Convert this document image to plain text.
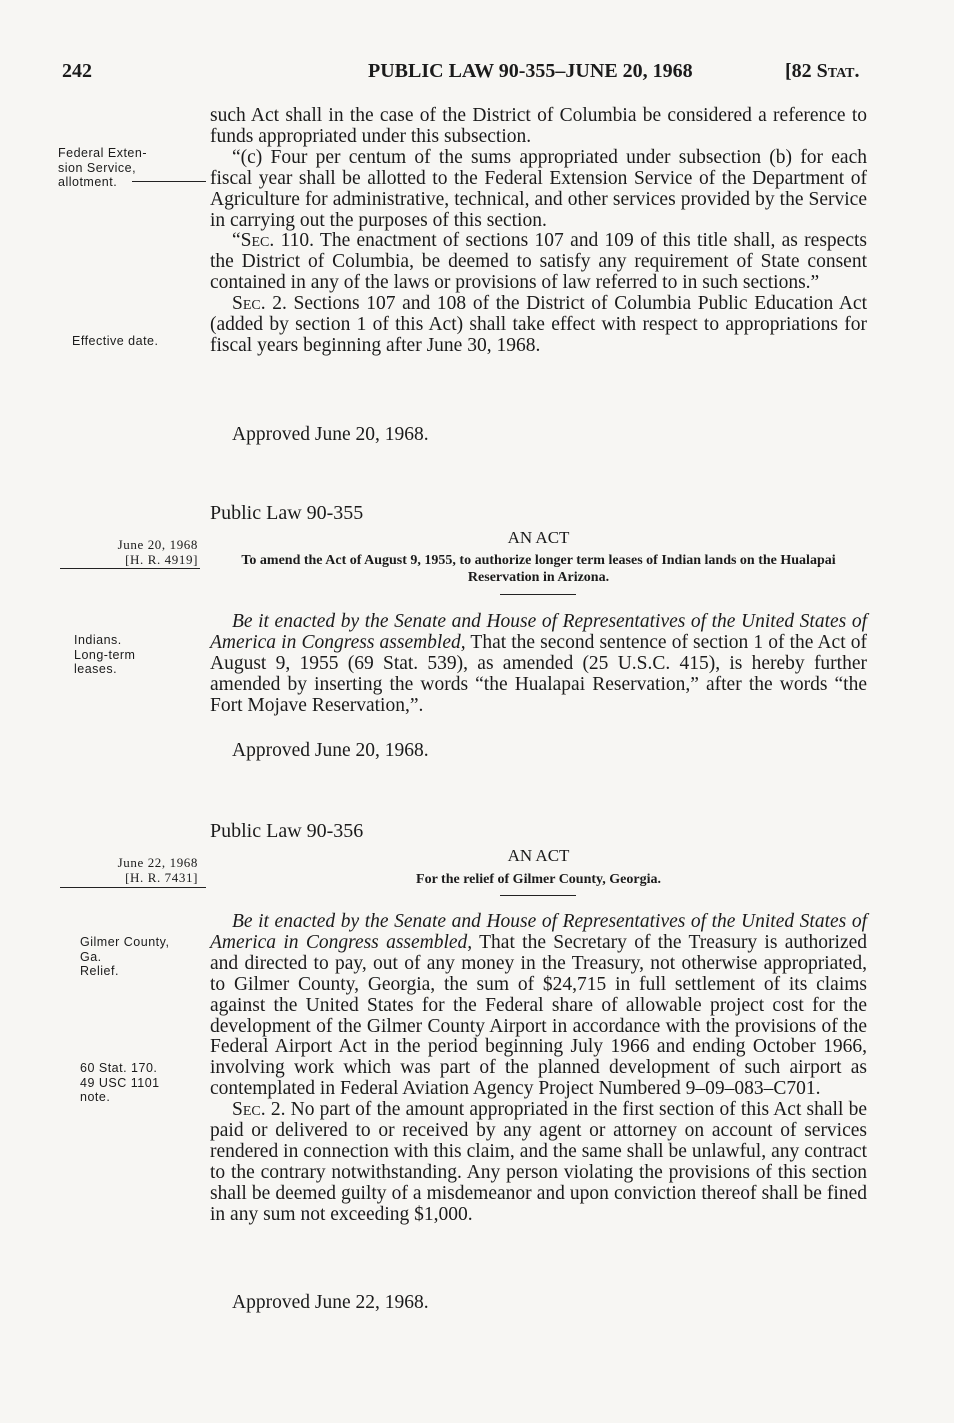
242	PUBLIC LAW 90-355–JUNE 20, 1968	[82 Stat.
Federal Exten-
sion Service,
allotment.
Effective date.
June 20, 1968
[H. R. 4919]
Indians.
Long-term
leases.
June 22, 1968
[H. R. 7431]
Gilmer County,
Ga.
Relief.
60 Stat. 170.
49 USC 1101
note.

such Act shall in the case of the District of Columbia be considered a reference to funds appropriated under this subsection.

“(c) Four per centum of the sums appropriated under subsection (b) for each fiscal year shall be allotted to the Federal Extension Service of the Department of Agriculture for administrative, technical, and other services provided by the Service in carrying out the purposes of this section.

“Sec. 110. The enactment of sections 107 and 109 of this title shall, as respects the District of Columbia, be deemed to satisfy any requirement of State consent contained in any of the laws or provisions of law referred to in such sections.”

Sec. 2. Sections 107 and 108 of the District of Columbia Public Education Act (added by section 1 of this Act) shall take effect with respect to appropriations for fiscal years beginning after June 30, 1968.

Approved June 20, 1968.
Public Law 90-355
AN ACT
To amend the Act of August 9, 1955, to authorize longer term leases of Indian lands on the Hualapai Reservation in Arizona.

Be it enacted by the Senate and House of Representatives of the United States of America in Congress assembled, That the second sentence of section 1 of the Act of August 9, 1955 (69 Stat. 539), as amended (25 U.S.C. 415), is hereby further amended by inserting the words “the Hualapai Reservation,” after the words “the Fort Mojave Reservation,”.

Approved June 20, 1968.
Public Law 90-356
AN ACT
For the relief of Gilmer County, Georgia.

Be it enacted by the Senate and House of Representatives of the United States of America in Congress assembled, That the Secretary of the Treasury is authorized and directed to pay, out of any money in the Treasury, not otherwise appropriated, to Gilmer County, Georgia, the sum of $24,715 in full settlement of its claims against the United States for the Federal share of allowable project cost for the development of the Gilmer County Airport in accordance with the provisions of the Federal Airport Act in the period beginning July 1966 and ending October 1966, involving work which was part of the planned development of such airport as contemplated in Federal Aviation Agency Project Numbered 9–09–083–C701.

Sec. 2. No part of the amount appropriated in the first section of this Act shall be paid or delivered to or received by any agent or attorney on account of services rendered in connection with this claim, and the same shall be unlawful, any contract to the contrary notwithstanding. Any person violating the provisions of this section shall be deemed guilty of a misdemeanor and upon conviction thereof shall be fined in any sum not exceeding $1,000.

Approved June 22, 1968.
